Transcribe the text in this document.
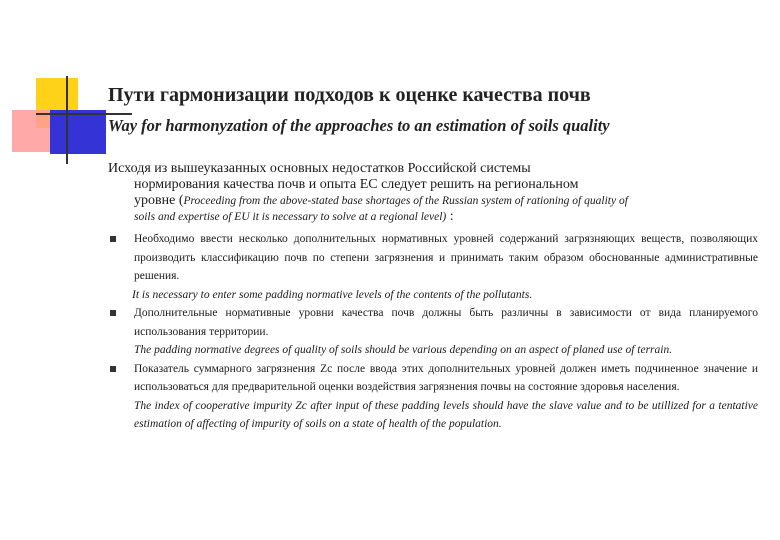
Пути гармонизации подходов к оценке качества почв
Way for harmonyzation of the approaches to an estimation of soils quality
Исходя из вышеуказанных основных недостатков Российской системы
нормирования качества почв и опыта ЕС следует решить на региональном
уровне (Proceeding from the above-stated base shortages of the Russian system of rationing of quality of
soils and expertise of EU it is necessary to solve at a regional level) :
Необходимо ввести несколько дополнительных нормативных уровней содержаний загрязняющих веществ, позволяющих производить классификацию почв по степени загрязнения и принимать таким образом обоснованные административные решения.
It is necessary to enter some padding normative levels of the contents of the pollutants.
Дополнительные нормативные уровни качества почв должны быть различны в зависимости от вида планируемого использования территории.
The padding normative degrees of quality of soils should be various depending on an aspect of planed use of terrain.
Показатель суммарного загрязнения Zc после ввода этих дополнительных уровней должен иметь подчиненное значение и использоваться для предварительной оценки воздействия загрязнения почвы на состояние здоровья населения.
The index of cooperative impurity Zc after input of these padding levels should have the slave value and to be utillized for a tentative estimation of affecting of impurity of soils on a state of health of the population.
